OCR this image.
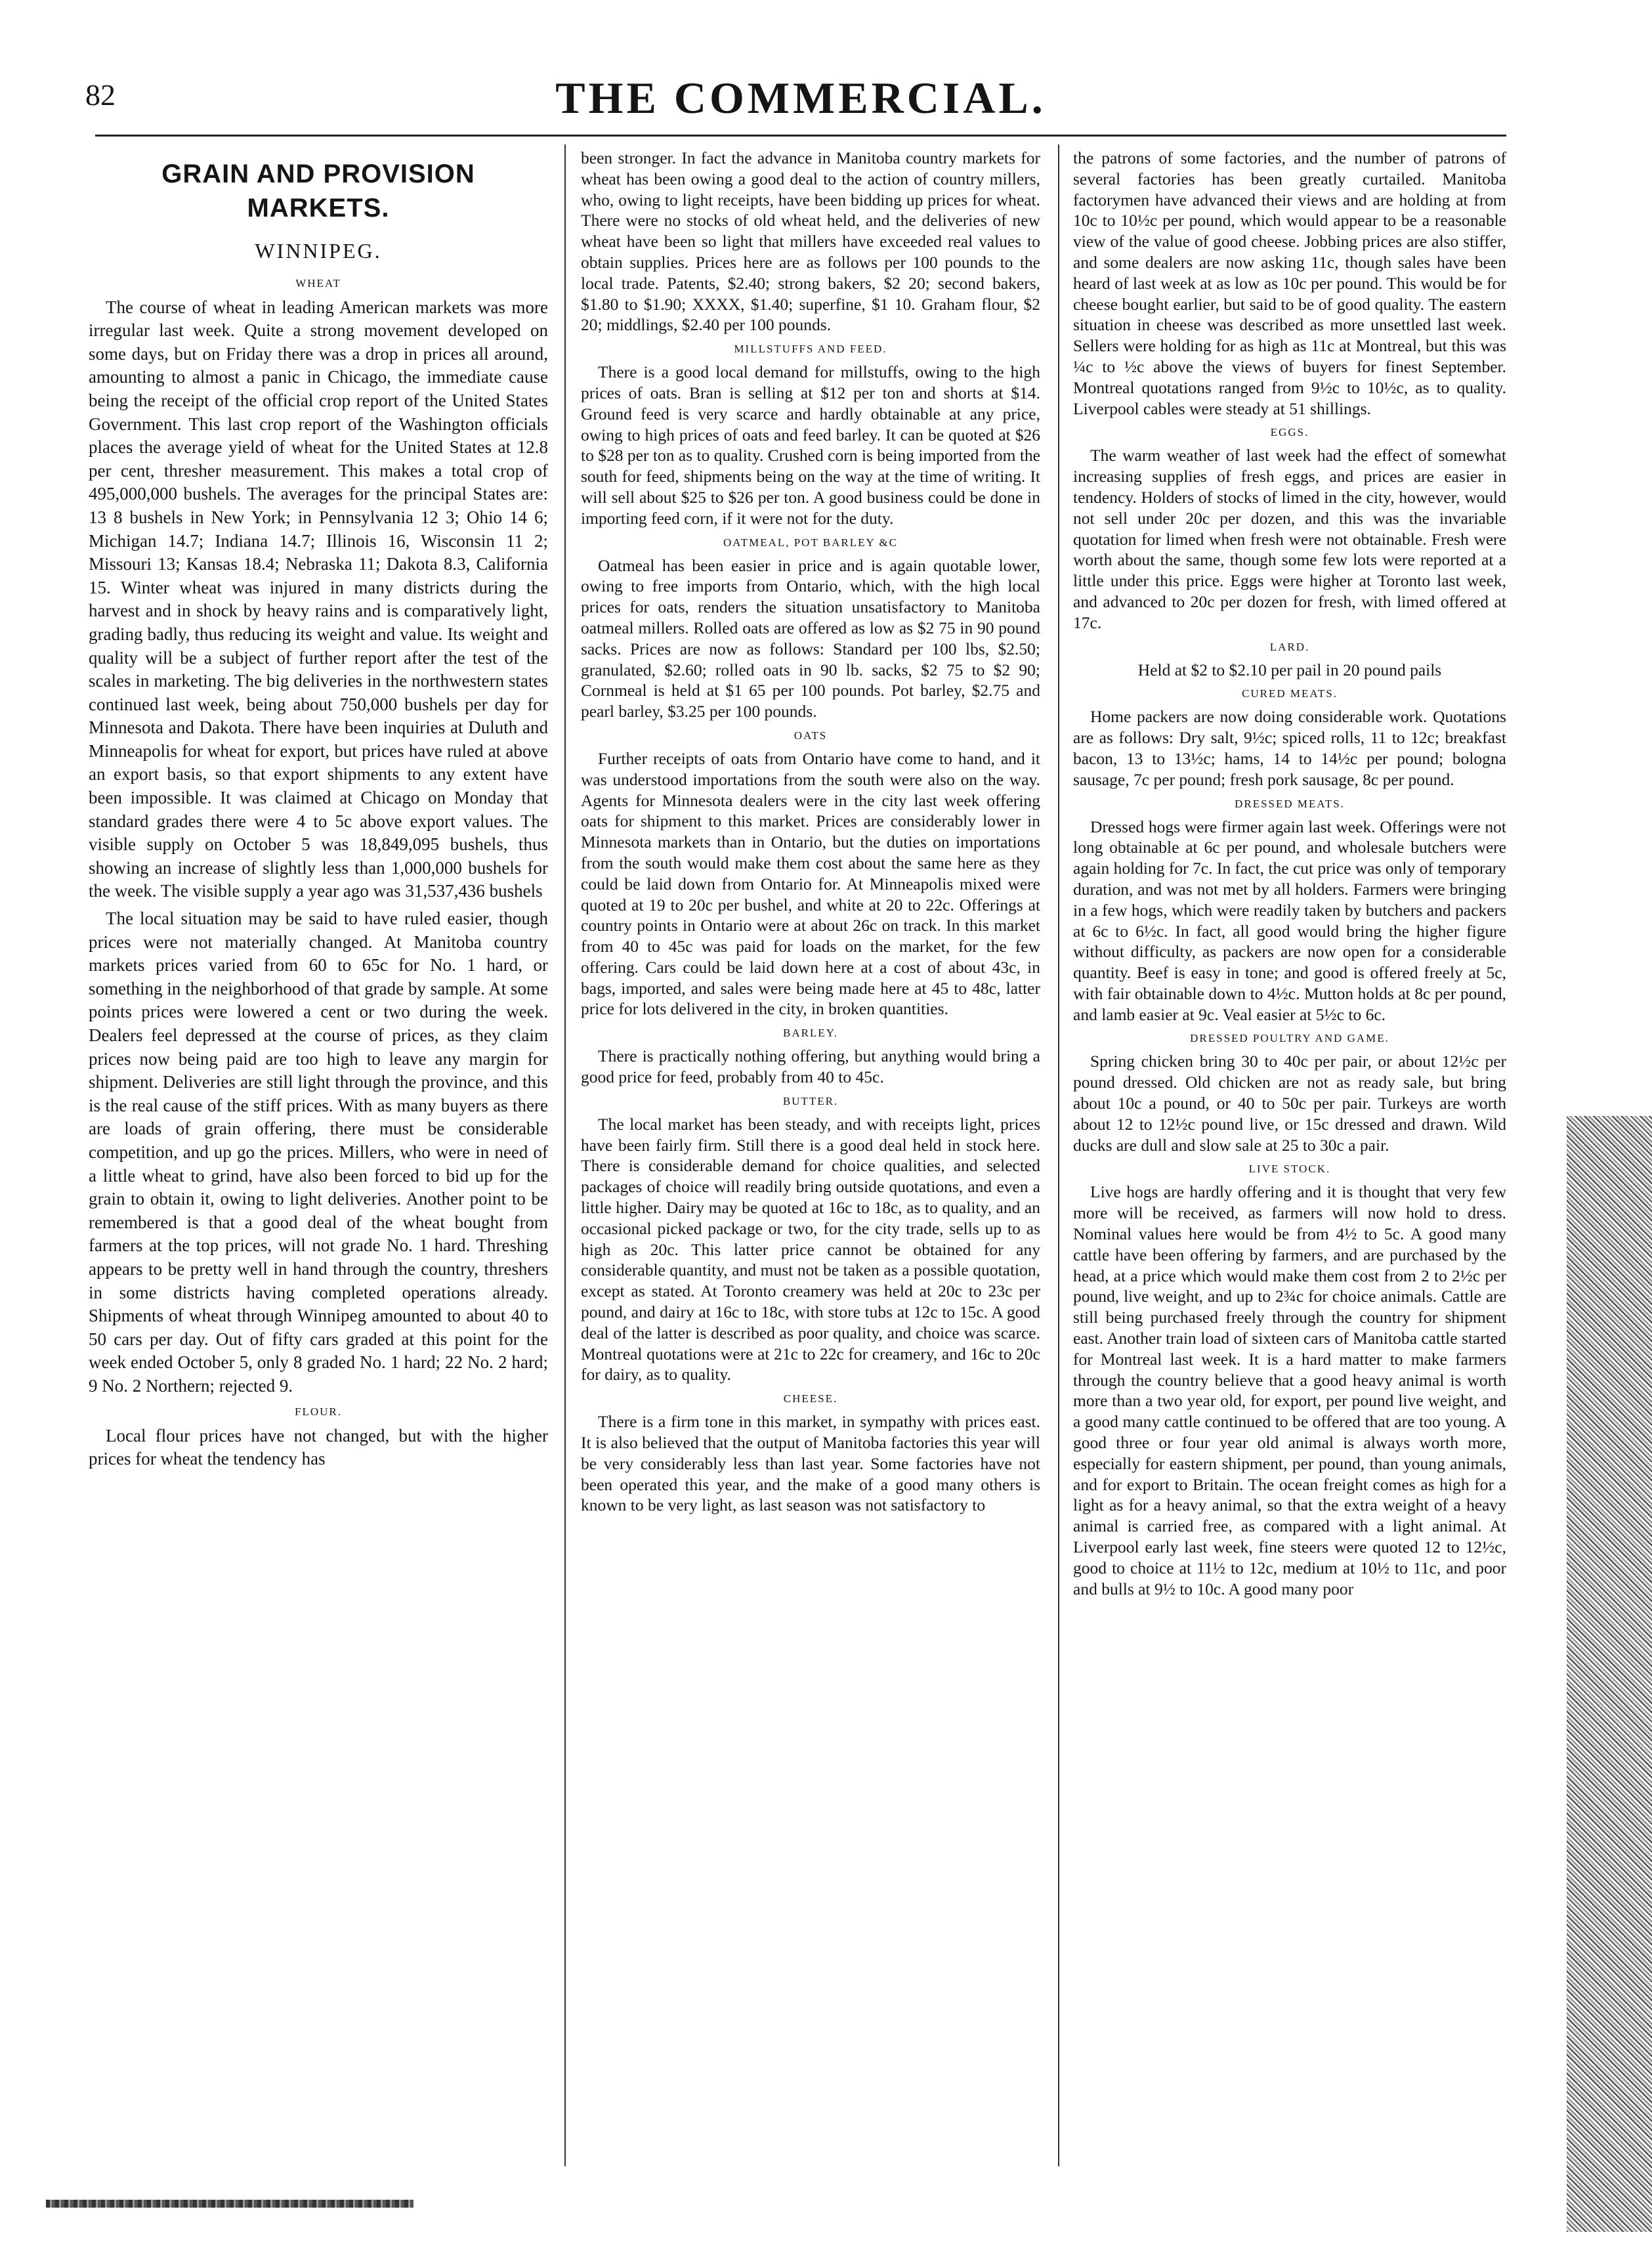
82	THE COMMERCIAL.
GRAIN AND PROVISION MARKETS.
WINNIPEG.
WHEAT

The course of wheat in leading American markets was more irregular last week. Quite a strong movement developed on some days, but on Friday there was a drop in prices all around, amounting to almost a panic in Chicago, the immediate cause being the receipt of the official crop report of the United States Government. This last crop report of the Washington officials places the average yield of wheat for the United States at 12.8 per cent, thresher measurement. This makes a total crop of 495,000,000 bushels. The averages for the principal States are: 13 8 bushels in New York; in Pennsylvania 12 3; Ohio 14 6; Michigan 14.7; Indiana 14.7; Illinois 16, Wisconsin 11 2; Missouri 13; Kansas 18.4; Nebraska 11; Dakota 8.3, California 15. Winter wheat was injured in many districts during the harvest and in shock by heavy rains and is comparatively light, grading badly, thus reducing its weight and value. Its weight and quality will be a subject of further report after the test of the scales in marketing. The big deliveries in the northwestern states continued last week, being about 750,000 bushels per day for Minnesota and Dakota. There have been inquiries at Duluth and Minneapolis for wheat for export, but prices have ruled at above an export basis, so that export shipments to any extent have been impossible. It was claimed at Chicago on Monday that standard grades there were 4 to 5c above export values. The visible supply on October 5 was 18,849,095 bushels, thus showing an increase of slightly less than 1,000,000 bushels for the week. The visible supply a year ago was 31,537,436 bushels

The local situation may be said to have ruled easier, though prices were not materially changed. At Manitoba country markets prices varied from 60 to 65c for No. 1 hard, or something in the neighborhood of that grade by sample. At some points prices were lowered a cent or two during the week. Dealers feel depressed at the course of prices, as they claim prices now being paid are too high to leave any margin for shipment. Deliveries are still light through the province, and this is the real cause of the stiff prices. With as many buyers as there are loads of grain offering, there must be considerable competition, and up go the prices. Millers, who were in need of a little wheat to grind, have also been forced to bid up for the grain to obtain it, owing to light deliveries. Another point to be remembered is that a good deal of the wheat bought from farmers at the top prices, will not grade No. 1 hard. Threshing appears to be pretty well in hand through the country, threshers in some districts having completed operations already. Shipments of wheat through Winnipeg amounted to about 40 to 50 cars per day. Out of fifty cars graded at this point for the week ended October 5, only 8 graded No. 1 hard; 22 No. 2 hard; 9 No. 2 Northern; rejected 9.

FLOUR.

Local flour prices have not changed, but with the higher prices for wheat the tendency has

been stronger. In fact the advance in Manitoba country markets for wheat has been owing a good deal to the action of country millers, who, owing to light receipts, have been bidding up prices for wheat. There were no stocks of old wheat held, and the deliveries of new wheat have been so light that millers have exceeded real values to obtain supplies. Prices here are as follows per 100 pounds to the local trade. Patents, $2.40; strong bakers, $2 20; second bakers, $1.80 to $1.90; XXXX, $1.40; superfine, $1 10. Graham flour, $2 20; middlings, $2.40 per 100 pounds.

MILLSTUFFS AND FEED.

There is a good local demand for millstuffs, owing to the high prices of oats. Bran is selling at $12 per ton and shorts at $14. Ground feed is very scarce and hardly obtainable at any price, owing to high prices of oats and feed barley. It can be quoted at $26 to $28 per ton as to quality. Crushed corn is being imported from the south for feed, shipments being on the way at the time of writing. It will sell about $25 to $26 per ton. A good business could be done in importing feed corn, if it were not for the duty.

OATMEAL, POT BARLEY &C

Oatmeal has been easier in price and is again quotable lower, owing to free imports from Ontario, which, with the high local prices for oats, renders the situation unsatisfactory to Manitoba oatmeal millers. Rolled oats are offered as low as $2 75 in 90 pound sacks. Prices are now as follows: Standard per 100 lbs, $2.50; granulated, $2.60; rolled oats in 90 lb. sacks, $2 75 to $2 90; Cornmeal is held at $1 65 per 100 pounds. Pot barley, $2.75 and pearl barley, $3.25 per 100 pounds.

OATS

Further receipts of oats from Ontario have come to hand, and it was understood importations from the south were also on the way. Agents for Minnesota dealers were in the city last week offering oats for shipment to this market. Prices are considerably lower in Minnesota markets than in Ontario, but the duties on importations from the south would make them cost about the same here as they could be laid down from Ontario for. At Minneapolis mixed were quoted at 19 to 20c per bushel, and white at 20 to 22c. Offerings at country points in Ontario were at about 26c on track. In this market from 40 to 45c was paid for loads on the market, for the few offering. Cars could be laid down here at a cost of about 43c, in bags, imported, and sales were being made here at 45 to 48c, latter price for lots delivered in the city, in broken quantities.

BARLEY.

There is practically nothing offering, but anything would bring a good price for feed, probably from 40 to 45c.

BUTTER.

The local market has been steady, and with receipts light, prices have been fairly firm. Still there is a good deal held in stock here. There is considerable demand for choice qualities, and selected packages of choice will readily bring outside quotations, and even a little higher. Dairy may be quoted at 16c to 18c, as to quality, and an occasional picked package or two, for the city trade, sells up to as high as 20c. This latter price cannot be obtained for any considerable quantity, and must not be taken as a possible quotation, except as stated. At Toronto creamery was held at 20c to 23c per pound, and dairy at 16c to 18c, with store tubs at 12c to 15c. A good deal of the latter is described as poor quality, and choice was scarce. Montreal quotations were at 21c to 22c for creamery, and 16c to 20c for dairy, as to quality.

CHEESE.

There is a firm tone in this market, in sympathy with prices east. It is also believed that the output of Manitoba factories this year will be very considerably less than last year. Some factories have not been operated this year, and the make of a good many others is known to be very light, as last season was not satisfactory to

the patrons of some factories, and the number of patrons of several factories has been greatly curtailed. Manitoba factorymen have advanced their views and are holding at from 10c to 10½c per pound, which would appear to be a reasonable view of the value of good cheese. Jobbing prices are also stiffer, and some dealers are now asking 11c, though sales have been heard of last week at as low as 10c per pound. This would be for cheese bought earlier, but said to be of good quality. The eastern situation in cheese was described as more unsettled last week. Sellers were holding for as high as 11c at Montreal, but this was ¼c to ½c above the views of buyers for finest September. Montreal quotations ranged from 9½c to 10½c, as to quality. Liverpool cables were steady at 51 shillings.

EGGS.

The warm weather of last week had the effect of somewhat increasing supplies of fresh eggs, and prices are easier in tendency. Holders of stocks of limed in the city, however, would not sell under 20c per dozen, and this was the invariable quotation for limed when fresh were not obtainable. Fresh were worth about the same, though some few lots were reported at a little under this price. Eggs were higher at Toronto last week, and advanced to 20c per dozen for fresh, with limed offered at 17c.

LARD.

Held at $2 to $2.10 per pail in 20 pound pails

CURED MEATS.

Home packers are now doing considerable work. Quotations are as follows: Dry salt, 9½c; spiced rolls, 11 to 12c; breakfast bacon, 13 to 13½c; hams, 14 to 14½c per pound; bologna sausage, 7c per pound; fresh pork sausage, 8c per pound.

DRESSED MEATS.

Dressed hogs were firmer again last week. Offerings were not long obtainable at 6c per pound, and wholesale butchers were again holding for 7c. In fact, the cut price was only of temporary duration, and was not met by all holders. Farmers were bringing in a few hogs, which were readily taken by butchers and packers at 6c to 6½c. In fact, all good would bring the higher figure without difficulty, as packers are now open for a considerable quantity. Beef is easy in tone; and good is offered freely at 5c, with fair obtainable down to 4½c. Mutton holds at 8c per pound, and lamb easier at 9c. Veal easier at 5½c to 6c.

DRESSED POULTRY AND GAME.

Spring chicken bring 30 to 40c per pair, or about 12½c per pound dressed. Old chicken are not as ready sale, but bring about 10c a pound, or 40 to 50c per pair. Turkeys are worth about 12 to 12½c pound live, or 15c dressed and drawn. Wild ducks are dull and slow sale at 25 to 30c a pair.

LIVE STOCK.

Live hogs are hardly offering and it is thought that very few more will be received, as farmers will now hold to dress. Nominal values here would be from 4½ to 5c. A good many cattle have been offering by farmers, and are purchased by the head, at a price which would make them cost from 2 to 2½c per pound, live weight, and up to 2¾c for choice animals. Cattle are still being purchased freely through the country for shipment east. Another train load of sixteen cars of Manitoba cattle started for Montreal last week. It is a hard matter to make farmers through the country believe that a good heavy animal is worth more than a two year old, for export, per pound live weight, and a good many cattle continued to be offered that are too young. A good three or four year old animal is always worth more, especially for eastern shipment, per pound, than young animals, and for export to Britain. The ocean freight comes as high for a light as for a heavy animal, so that the extra weight of a heavy animal is carried free, as compared with a light animal. At Liverpool early last week, fine steers were quoted 12 to 12½c, good to choice at 11½ to 12c, medium at 10½ to 11c, and poor and bulls at 9½ to 10c. A good many poor
